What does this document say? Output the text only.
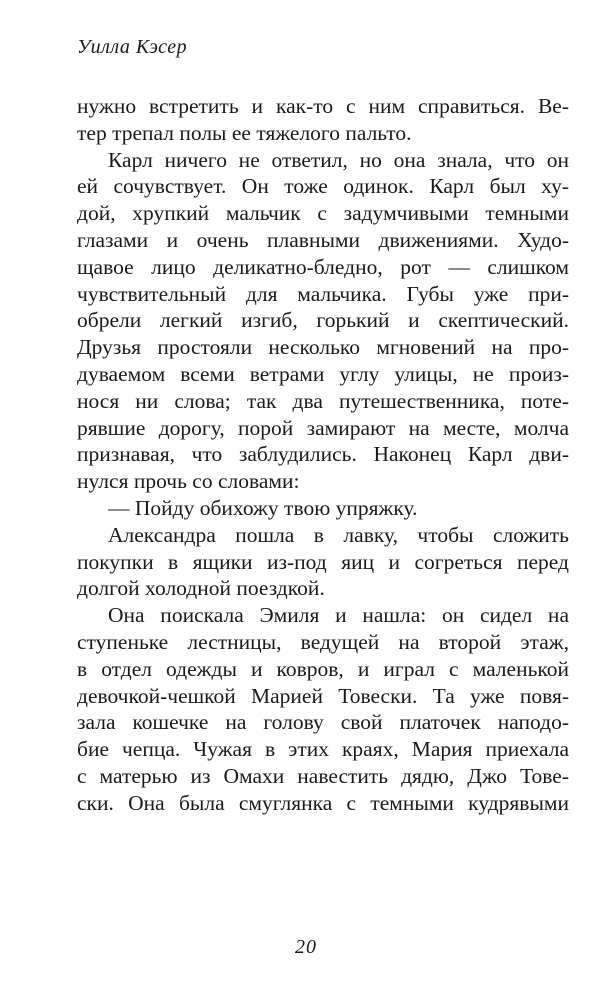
Уилла Кэсер
нужно встретить и как-то с ним справиться. Ве-
тер трепал полы ее тяжелого пальто.
Карл ничего не ответил, но она знала, что он
ей сочувствует. Он тоже одинок. Карл был ху-
дой, хрупкий мальчик с задумчивыми темными
глазами и очень плавными движениями. Худо-
щавое лицо деликатно-бледно, рот — слишком
чувствительный для мальчика. Губы уже при-
обрели легкий изгиб, горький и скептический.
Друзья простояли несколько мгновений на про-
дуваемом всеми ветрами углу улицы, не произ-
нося ни слова; так два путешественника, поте-
рявшие дорогу, порой замирают на месте, молча
признавая, что заблудились. Наконец Карл дви-
нулся прочь со словами:
— Пойду обихожу твою упряжку.
Александра пошла в лавку, чтобы сложить
покупки в ящики из-под яиц и согреться перед
долгой холодной поездкой.
Она поискала Эмиля и нашла: он сидел на
ступеньке лестницы, ведущей на второй этаж,
в отдел одежды и ковров, и играл с маленькой
девочкой-чешкой Марией Товески. Та уже повя-
зала кошечке на голову свой платочек наподо-
бие чепца. Чужая в этих краях, Мария приехала
с матерью из Омахи навестить дядю, Джо Тове-
ски. Она была смуглянка с темными кудрявыми
20
